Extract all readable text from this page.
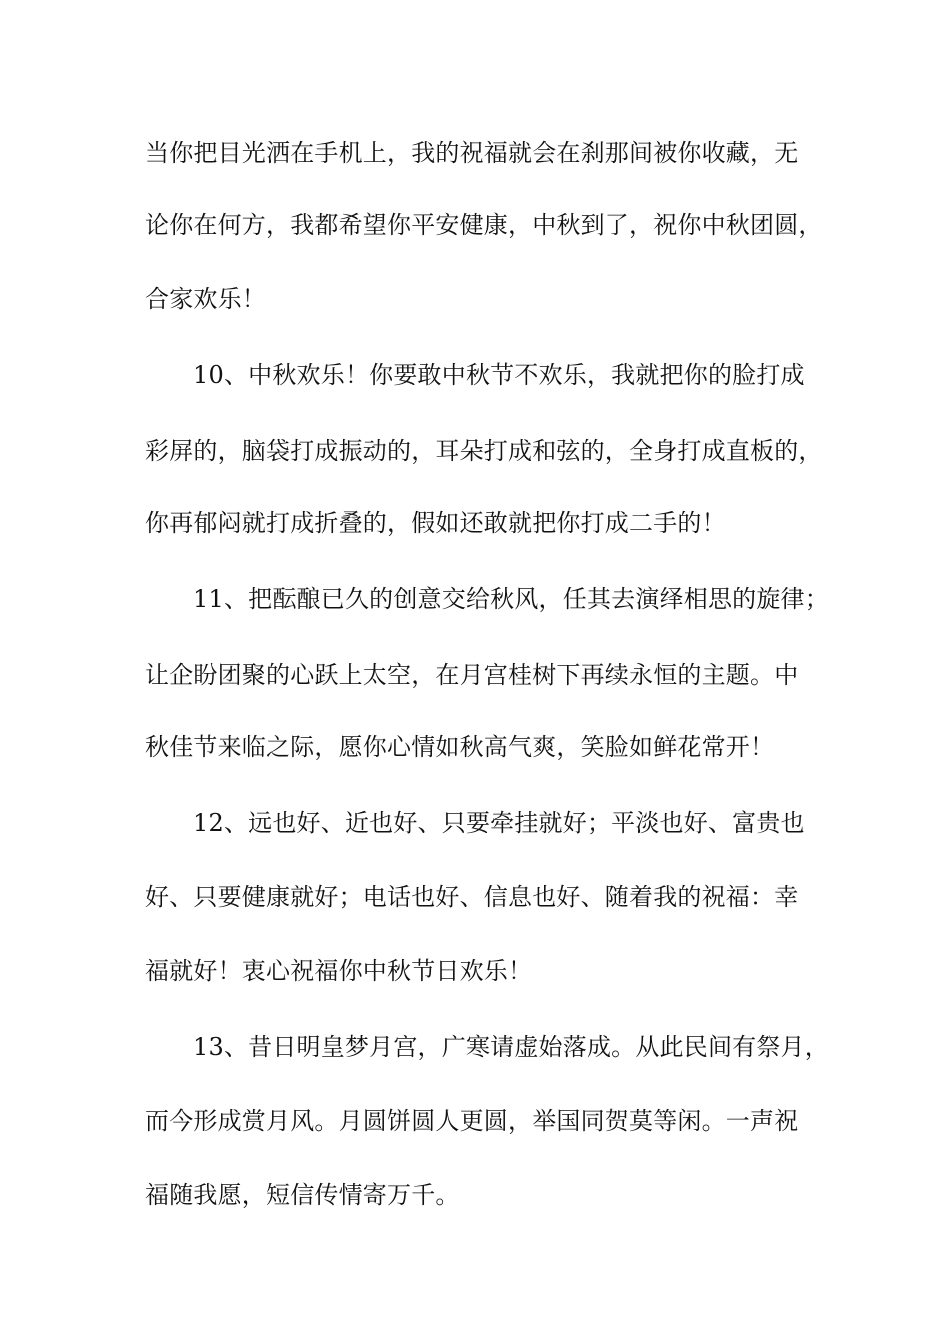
当你把目光洒在手机上，我的祝福就会在刹那间被你收藏，无
论你在何方，我都希望你平安健康，中秋到了，祝你中秋团圆，
合家欢乐！
10、中秋欢乐！你要敢中秋节不欢乐，我就把你的脸打成
彩屏的，脑袋打成振动的，耳朵打成和弦的，全身打成直板的，
你再郁闷就打成折叠的，假如还敢就把你打成二手的！
11、把酝酿已久的创意交给秋风，任其去演绎相思的旋律；
让企盼团聚的心跃上太空，在月宫桂树下再续永恒的主题。中
秋佳节来临之际，愿你心情如秋高气爽，笑脸如鲜花常开！
12、远也好、近也好、只要牵挂就好；平淡也好、富贵也
好、只要健康就好；电话也好、信息也好、随着我的祝福：幸
福就好！衷心祝福你中秋节日欢乐！
13、昔日明皇梦月宫，广寒请虚始落成。从此民间有祭月，
而今形成赏月风。月圆饼圆人更圆，举国同贺莫等闲。一声祝
福随我愿，短信传情寄万千。
